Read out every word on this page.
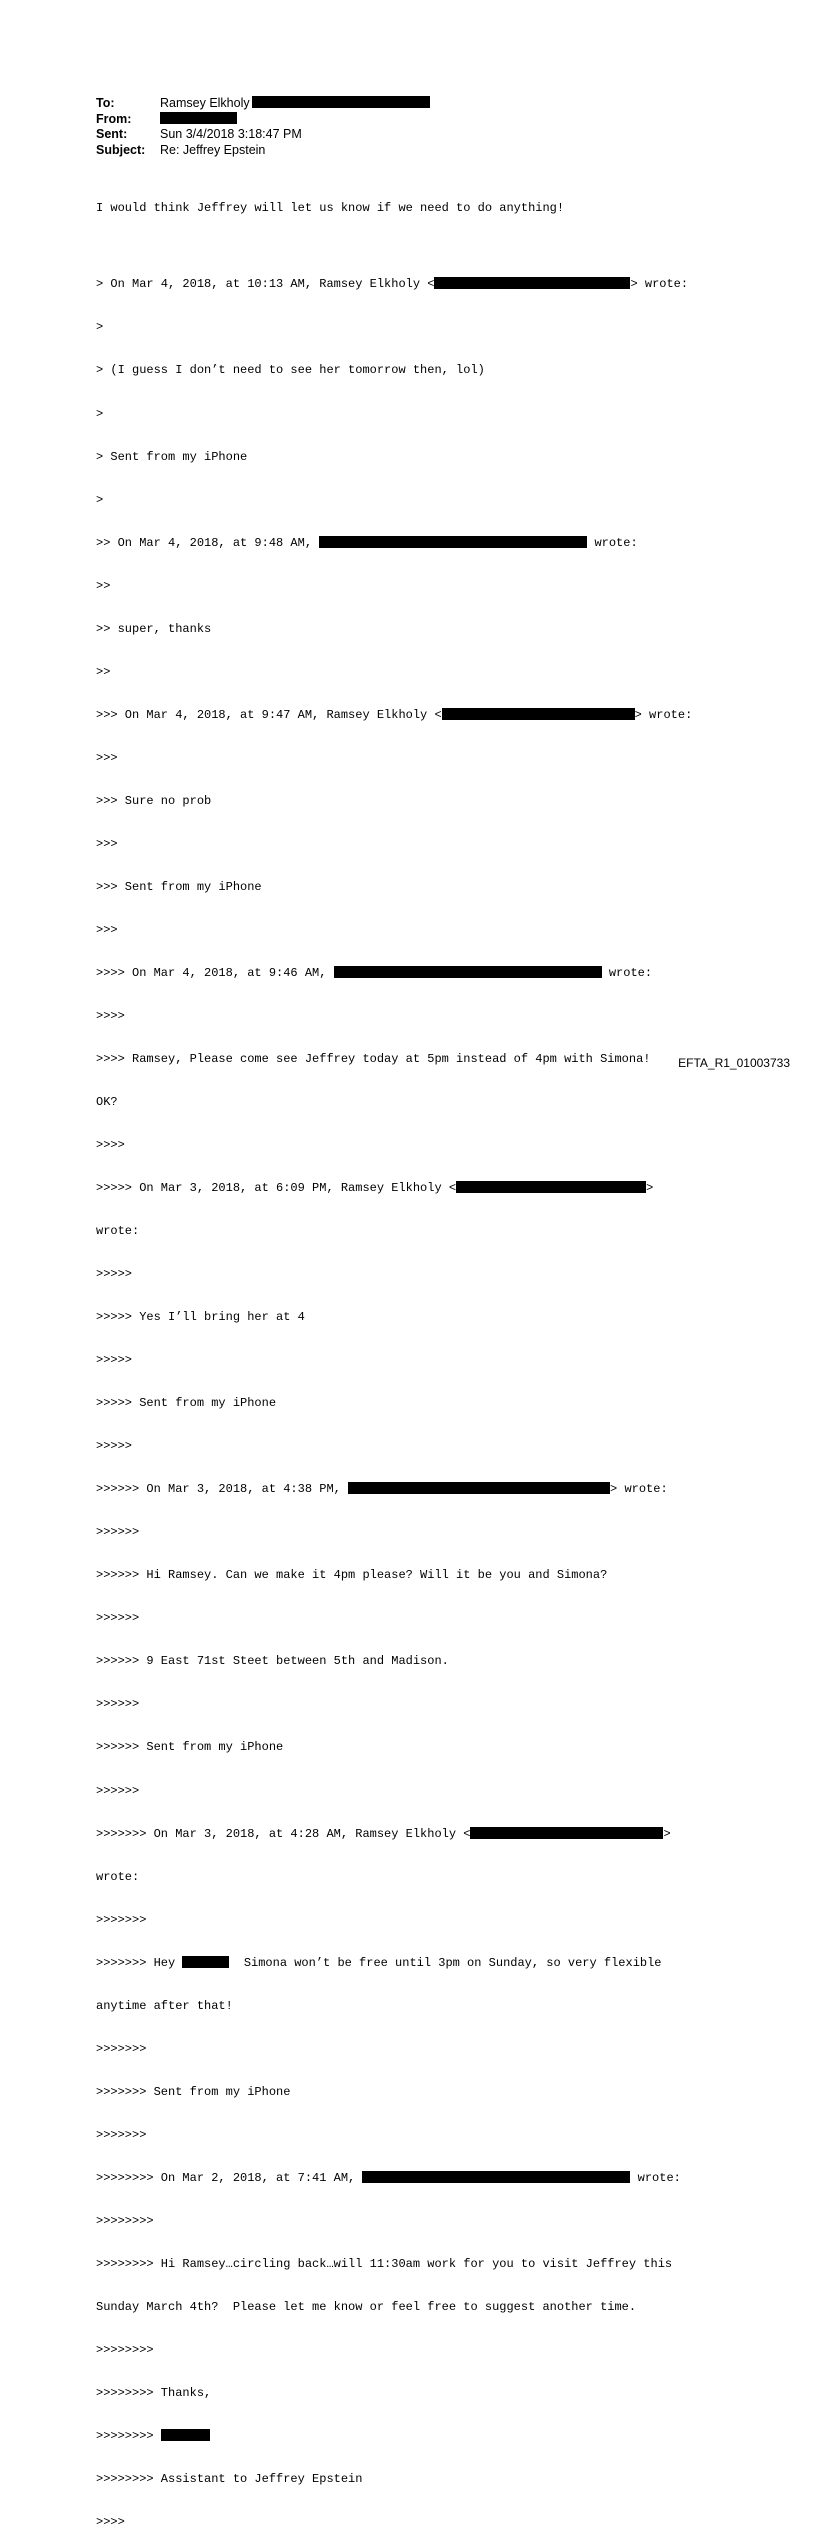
To:	Ramsey Elkholy
From:
Sent:	Sun 3/4/2018 3:18:47 PM
Subject:	Re: Jeffrey Epstein

I would think Jeffrey will let us know if we need to do anything!

> On Mar 4, 2018, at 10:13 AM, Ramsey Elkholy <	> wrote:

>

> (I guess I don’t need to see her tomorrow then, lol)

>

> Sent from my iPhone

>

>> On Mar 4, 2018, at 9:48 AM,	wrote:

>>

>> super, thanks

>>

>>> On Mar 4, 2018, at 9:47 AM, Ramsey Elkholy <	> wrote:

>>>

>>> Sure no prob

>>>

>>> Sent from my iPhone

>>>

>>>> On Mar 4, 2018, at 9:46 AM,	wrote:

>>>>

>>>> Ramsey, Please come see Jeffrey today at 5pm instead of 4pm with Simona!

OK?

>>>>

>>>>> On Mar 3, 2018, at 6:09 PM, Ramsey Elkholy <	>

wrote:

>>>>>

>>>>> Yes I’ll bring her at 4

>>>>>

>>>>> Sent from my iPhone

>>>>>

>>>>>> On Mar 3, 2018, at 4:38 PM,	> wrote:

>>>>>>

>>>>>> Hi Ramsey. Can we make it 4pm please? Will it be you and Simona?

>>>>>>

>>>>>> 9 East 71st Steet between 5th and Madison.

>>>>>>

>>>>>> Sent from my iPhone

>>>>>>

>>>>>>> On Mar 3, 2018, at 4:28 AM, Ramsey Elkholy <	>

wrote:

>>>>>>>

>>>>>>> Hey	Simona won’t be free until 3pm on Sunday, so very flexible

anytime after that!

>>>>>>>

>>>>>>> Sent from my iPhone

>>>>>>>

>>>>>>>> On Mar 2, 2018, at 7:41 AM,	wrote:

>>>>>>>>

>>>>>>>> Hi Ramsey…circling back…will 11:30am work for you to visit Jeffrey this

Sunday March 4th?  Please let me know or feel free to suggest another time.

>>>>>>>>

>>>>>>>> Thanks,

>>>>>>>>

>>>>>>>> Assistant to Jeffrey Epstein

>>>>

EFTA_R1_01003733
